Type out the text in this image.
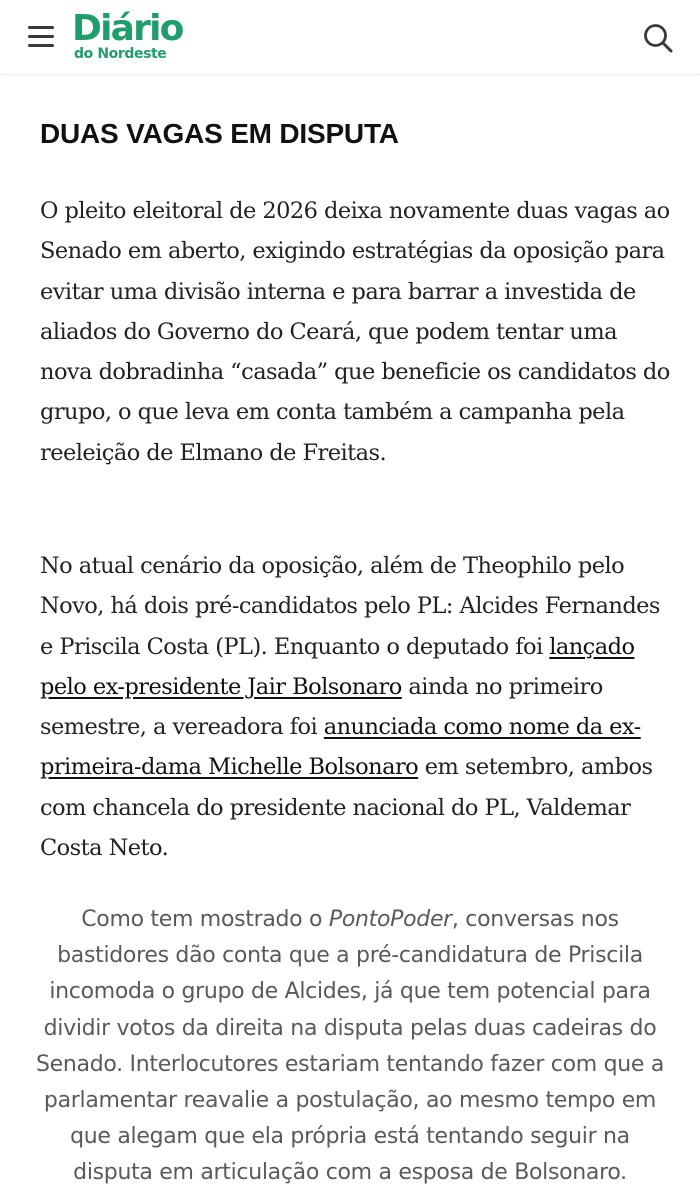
Diário
do Nordeste
DUAS VAGAS EM DISPUTA

O pleito eleitoral de 2026 deixa novamente duas vagas ao Senado em aberto, exigindo estratégias da oposição para evitar uma divisão interna e para barrar a investida de aliados do Governo do Ceará, que podem tentar uma nova dobradinha “casada” que beneficie os candidatos do grupo, o que leva em conta também a campanha pela reeleição de Elmano de Freitas.

No atual cenário da oposição, além de Theophilo pelo Novo, há dois pré-candidatos pelo PL: Alcides Fernandes e Priscila Costa (PL). Enquanto o deputado foi lançado pelo ex-presidente Jair Bolsonaro ainda no primeiro semestre, a vereadora foi anunciada como nome da ex-primeira-dama Michelle Bolsonaro em setembro, ambos com chancela do presidente nacional do PL, Valdemar Costa Neto.

Como tem mostrado o PontoPoder, conversas nos bastidores dão conta que a pré-candidatura de Priscila incomoda o grupo de Alcides, já que tem potencial para dividir votos da direita na disputa pelas duas cadeiras do Senado. Interlocutores estariam tentando fazer com que a parlamentar reavalie a postulação, ao mesmo tempo em que alegam que ela própria está tentando seguir na disputa em articulação com a esposa de Bolsonaro.
